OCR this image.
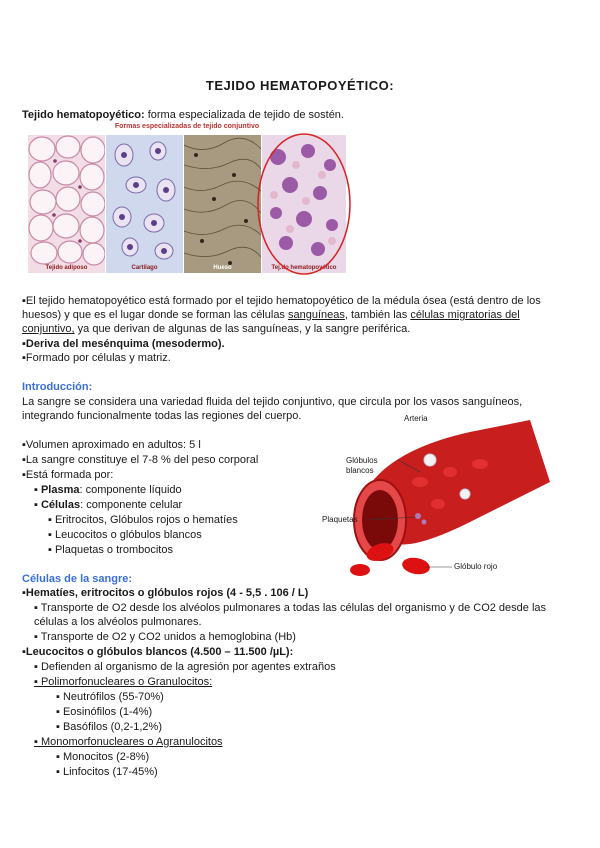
TEJIDO HEMATOPOYÉTICO:
Tejido hematopoyético: forma especializada de tejido de sostén.
Formas especializadas de tejido conjuntivo
Tejido adiposo	Cartílago	Hueso	Tej.do hematopoyético
▪El tejido hematopoyético está formado por el tejido hematopoyético de la médula ósea (está dentro de los
huesos) y que es el lugar donde se forman las células sanguíneas, también las células migratorias del
conjuntivo, ya que derivan de algunas de las sanguíneas, y la sangre periférica.
▪Deriva del mesénquima (mesodermo).
▪Formado por células y matriz.
Introducción:
La sangre se considera una variedad fluida del tejido conjuntivo, que circula por los vasos sanguíneos,
integrando funcionalmente todas las regiones del cuerpo.
▪Volumen aproximado en adultos: 5 l
▪La sangre constituye el 7-8 % del peso corporal
▪Está formada por:
▪ Plasma: componente líquido
▪ Células: componente celular
▪ Eritrocitos, Glóbulos rojos o hematíes
▪ Leucocitos o glóbulos blancos
▪ Plaquetas o trombocitos
Arteria
Glóbulos
blancos
Plaquetas
Glóbulo rojo
Células de la sangre:
▪Hematíes, eritrocitos o glóbulos rojos (4 - 5,5 . 106 / L)
▪ Transporte de O2 desde los alvéolos pulmonares a todas las células del organismo y de CO2 desde las
células a los alvéolos pulmonares.
▪ Transporte de O2 y CO2 unidos a hemoglobina (Hb)
▪Leucocitos o glóbulos blancos (4.500 – 11.500 /µL):
▪ Defienden al organismo de la agresión por agentes extraños
▪ Polimorfonucleares o Granulocitos:
▪ Neutrófilos (55-70%)
▪ Eosinófilos (1-4%)
▪ Basófilos (0,2-1,2%)
▪ Monomorfonucleares o Agranulocitos
▪ Monocitos (2-8%)
▪ Linfocitos (17-45%)
